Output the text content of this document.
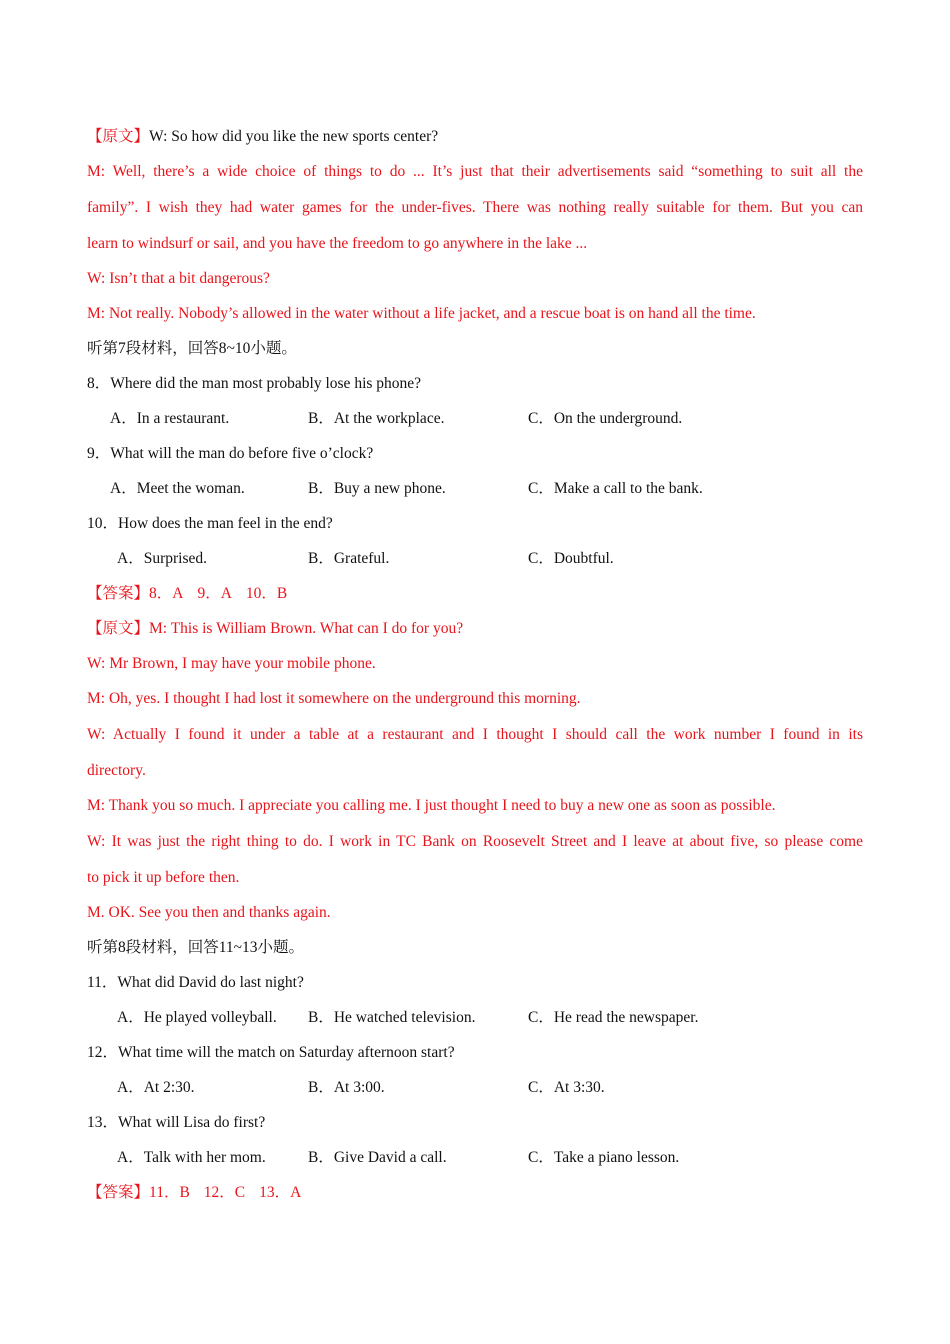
【原文】W: So how did you like the new sports center?
M: Well, there’s a wide choice of things to do ... It’s just that their advertisements said “something to suit all the
family”. I wish they had water games for the under-fives. There was nothing really suitable for them. But you can
learn to windsurf or sail, and you have the freedom to go anywhere in the lake ...
W: Isn’t that a bit dangerous?
M: Not really. Nobody’s allowed in the water without a life jacket, and a rescue boat is on hand all the time.
听第7段材料，回答8~10小题。
8．Where did the man most probably lose his phone?
A．In a restaurant.	B．At the workplace.	C．On the underground.
9．What will the man do before five o’clock?
A．Meet the woman.	B．Buy a new phone.	C．Make a call to the bank.
10．How does the man feel in the end?
A．Surprised.	B．Grateful.	C．Doubtful.
【答案】8．A 9．A 10．B
【原文】M: This is William Brown. What can I do for you?
W: Mr Brown, I may have your mobile phone.
M: Oh, yes. I thought I had lost it somewhere on the underground this morning.
W: Actually I found it under a table at a restaurant and I thought I should call the work number I found in its
directory.
M: Thank you so much. I appreciate you calling me. I just thought I need to buy a new one as soon as possible.
W: It was just the right thing to do. I work in TC Bank on Roosevelt Street and I leave at about five, so please come
to pick it up before then.
M. OK. See you then and thanks again.
听第8段材料，回答11~13小题。
11．What did David do last night?
A．He played volleyball. B．He watched television.	C．He read the newspaper.
12．What time will the match on Saturday afternoon start?
A．At 2:30.	B．At 3:00.	C．At 3:30.
13．What will Lisa do first?
A．Talk with her mom.	B．Give David a call.	C．Take a piano lesson.
【答案】11．B 12．C 13．A
